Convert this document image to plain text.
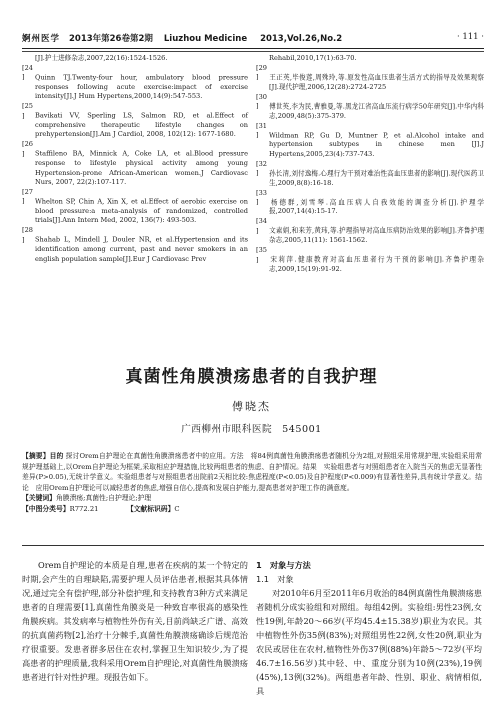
婀州医学 2013年第26卷第2期 Liuzhou Medicine 2013,Vol.26,No.2	· 111 ·
[J].护士进修杂志,2007,22(16):1524-1526.
[24] Quinn TJ.Twenty-four hour, ambulatory blood pressure responses following acute exercise:impact of exercise intensity[J].J Hum Hypertens,2000,14(9):547-553.
[25] Bavikati VV, Sperling LS, Salmon RD, et al.Effect of comprehensive therapeutic lifestyle changes on prehypertension[J].Am J Cardiol, 2008, 102(12): 1677-1680.
[26] Staffileno BA, Minnick A, Coke LA, et al.Blood pressure response to lifestyle physical activity among young Hypertension-prone African-American women.J Cardiovasc Nurs, 2007, 22(2):107-117.
[27] Whelton SP, Chin A, Xin X, et al.Effect of aerobic exercise on blood pressure:a meta-analysis of randomized, controlled trials[J].Ann Intern Med, 2002, 136(7): 493-503.
[28] Shahab L, Mindell J, Douler NR, et al.Hypertension and its identification among current, past and never smokers in an english population sample[J].Eur J Cardiovasc Prev
Rehabil,2010,17(1):63-70.
[29] 王正英,毕俊莲,周殊玲,等.原发性高血压患者生活方式的指导及效果观察[J].现代护理,2006,12(28):2724-2725
[30] 傅世英,李为民,曹雅曼,等.黑龙江省高血压流行病学50年研究[J].中华内科志,2009,48(5):375-379.
[31] Wildman RP, Gu D, Muntner P, et al.Alcohol intake and hypertension subtypes in chinese men [J].J Hypertens,2005,23(4):737-743.
[32] 孙长清,刘付逸梅.心理行为干预对难治性高血压患者的影响[J].现代医药卫生,2009,8(8):16-18.
[33] 杨德群,刘雪琴.高血压病人自我效能的调查分析[J].护理学报,2007,14(4):15-17.
[34] 文素娟,和来芳,黄玮,等.护理指导对高血压病防治效果的影响[J].齐鲁护理杂志,2005,11(11): 1561-1562.
[35] 宋莉萍.健康教育对高血压患者行为干预的影响[J].齐鲁护理杂志,2009,15(19):91-92.
真菌性角膜溃疡患者的自我护理
傅晓杰
广西柳州市眼科医院　545001

【摘要】目的 探讨Orem自护理论在真菌性角膜溃疡患者中的应用。方法　将84例真菌性角膜溃疡患者随机分为2组,对照组采用常规护理,实验组采用常规护理基础上,以Orem自护理论为框架,采取相应护理措施,比较两组患者的焦虑、自护情况。结果　实验组患者与对照组患者在入院当天的焦虑无显著性差异(P>0.05),无统计学意义。实验组患者与对照组患者出院前2天相比较:焦虑程度(P<0.05)及自护程度(P<0.009)有显著性差异,具有统计学意义。结论　应用Orem自护理论可以减轻患者的焦虑,增强自信心,提高和发展自护能力,提高患者对护理工作的满意度。

【关键词】角膜溃疡;真菌性;自护理论;护理

【中图分类号】R772.21	【文献标识码】C

Orem自护理论的本质是自理,患者在疾病的某一个特定的时期,会产生的自理缺陷,需要护理人员评估患者,根据其具体情况,通过完全有偿护理,部分补偿护理,和支持教育3种方式来满足患者的自理需要[1],真菌性角膜炎是一种致盲率很高的感染性角膜疾病。其发病率与植物性外伤有关,目前尚缺乏广谱、高效的抗真菌药物[2],治疗十分棘手,真菌性角膜溃疡确诊后规范治疗很重要。发患者群多居住在农村,掌握卫生知识较少,为了提高患者的护理质量,我科采用Orem自护理论,对真菌性角膜溃疡患者进行针对性护理。现报告如下。

1　对象与方法

1.1　对象

对2010年6月至2011年6月收治的84例真菌性角膜溃疡患者随机分成实验组和对照组。每组42例。实验组:男性23例,女性19例,年龄20～66岁(平均45.4±15.38岁)职业为农民。其中植物性外伤35例(83%);对照组男性22例,女性20例,职业为农民或居住在农村,植物性外伤37例(88%)年龄5～72岁(平均46.7±16.56岁)其中轻、中、重度分别为10例(23%),19例(45%),13例(32%)。两组患者年龄、性别、职业、病情相似,具
